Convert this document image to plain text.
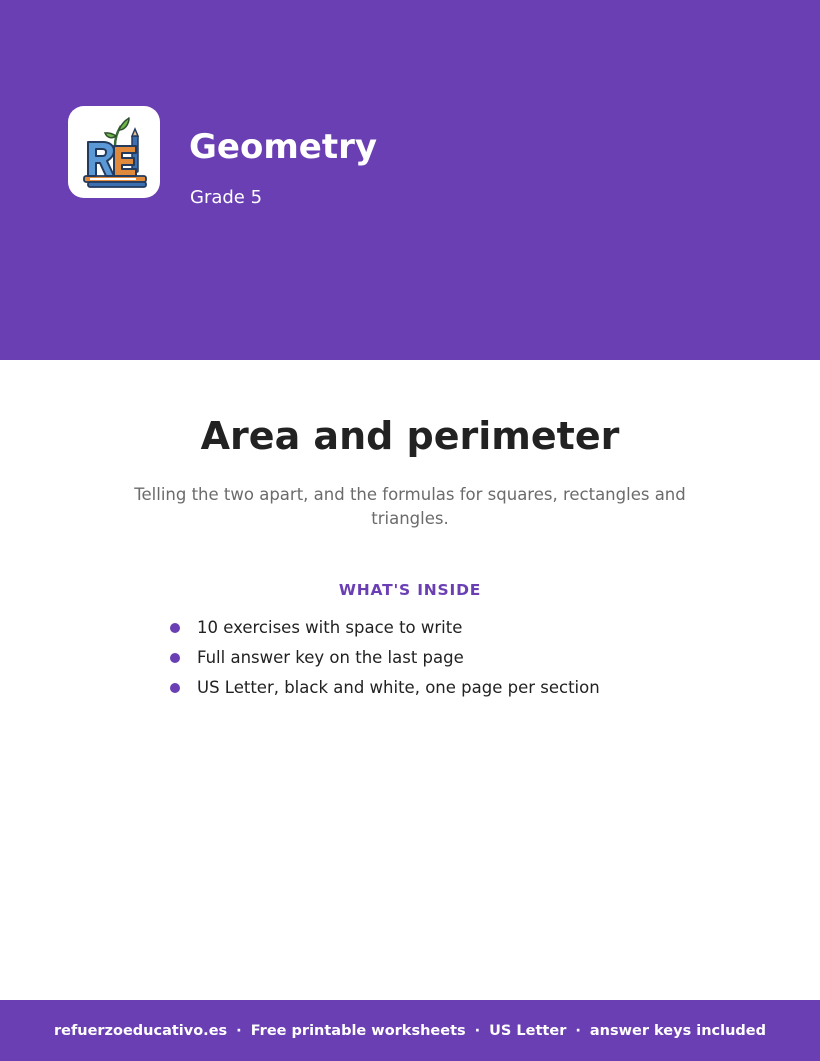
Geometry

Grade 5

Area and perimeter

Telling the two apart, and the formulas for squares, rectangles and triangles.

WHAT'S INSIDE
10 exercises with space to write
Full answer key on the last page
US Letter, black and white, one page per section
refuerzoeducativo.es · Free printable worksheets · US Letter · answer keys included
